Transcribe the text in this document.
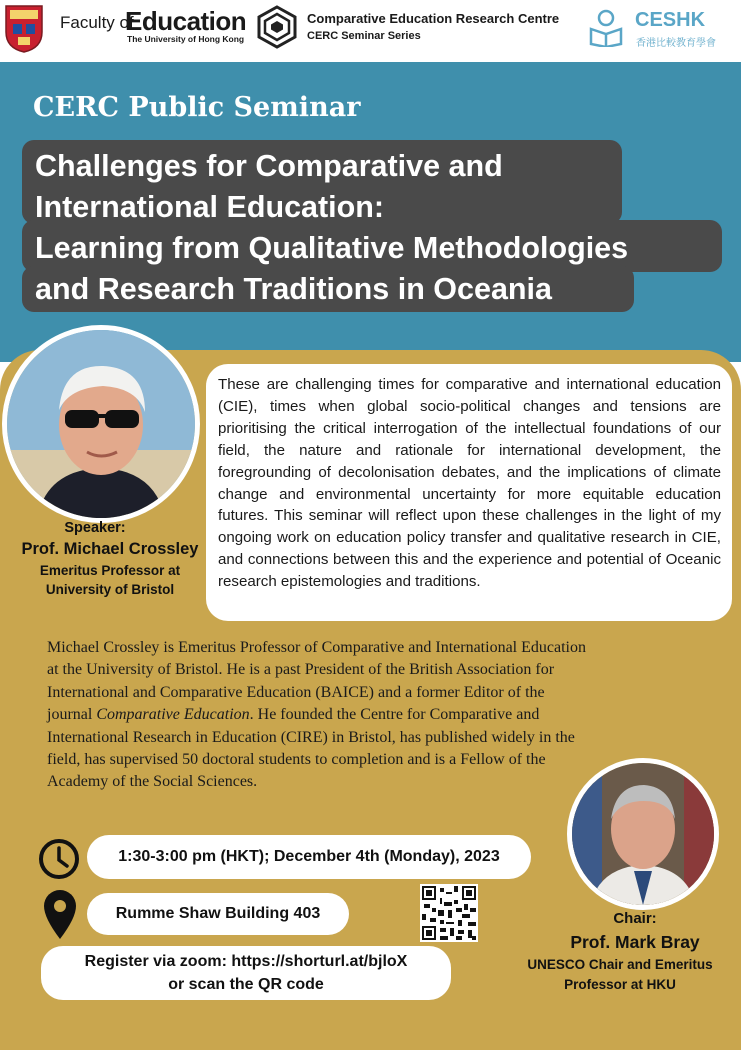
Faculty of
Education
The University of Hong Kong
Comparative Education Research Centre
CERC Seminar Series
CESHK
香港比較教育學會
CERC Public Seminar
Challenges for Comparative and
International Education:
Learning from Qualitative Methodologies
and Research Traditions in Oceania
These are challenging times for comparative and international education (CIE), times when global socio-political changes and tensions are prioritising the critical interrogation of the intellectual foundations of our field, the nature and rationale for international development, the foregrounding of decolonisation debates, and the implications of climate change and environmental uncertainty for more equitable education futures. This seminar will reflect upon these challenges in the light of my ongoing work on education policy transfer and qualitative research in CIE, and connections between this and the experience and potential of Oceanic research epistemologies and traditions.
Speaker:
Prof. Michael Crossley
Emeritus Professor at
University of Bristol
Michael Crossley is Emeritus Professor of Comparative and International Education at the University of Bristol. He is a past President of the British Association for International and Comparative Education (BAICE) and a former Editor of the journal Comparative Education. He founded the Centre for Comparative and International Research in Education (CIRE) in Bristol, has published widely in the field, has supervised 50 doctoral students to completion and is a Fellow of the Academy of the Social Sciences.
1:30-3:00 pm (HKT); December 4th (Monday), 2023
Rumme Shaw Building 403
Register via zoom: https://shorturl.at/bjloX
or scan the QR code
Chair:
Prof. Mark Bray
UNESCO Chair and Emeritus
Professor at HKU
